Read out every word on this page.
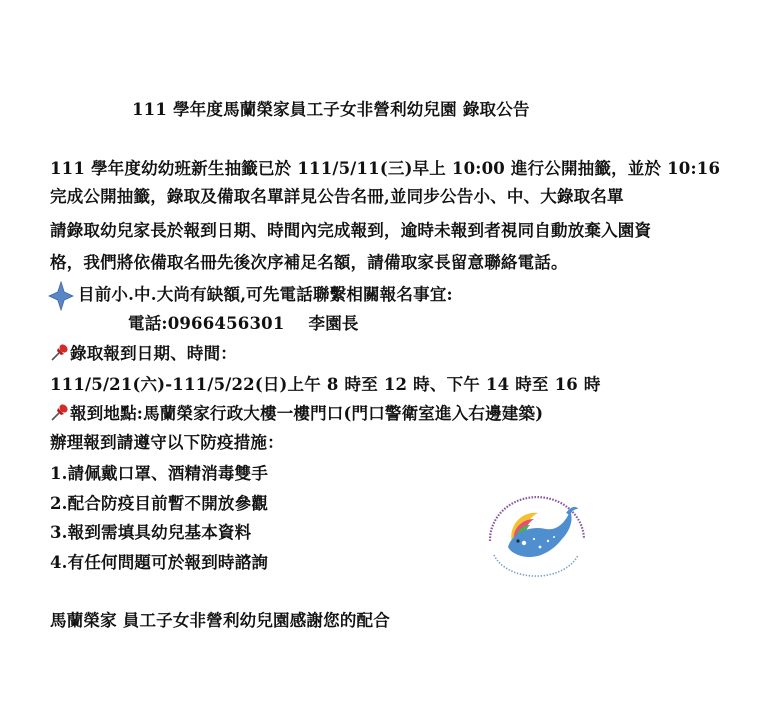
111 學年度馬蘭榮家員工子女非營利幼兒園 錄取公告
111 學年度幼幼班新生抽籤已於 111/5/11(三)早上 10:00 進行公開抽籤，並於 10:16
完成公開抽籤，錄取及備取名單詳見公告名冊,並同步公告小、中、大錄取名單
請錄取幼兒家長於報到日期、時間內完成報到，逾時未報到者視同自動放棄入園資
格，我們將依備取名冊先後次序補足名額，請備取家長留意聯絡電話。
目前小.中.大尚有缺額,可先電話聯繫相關報名事宜:
電話:0966456301 李園長
錄取報到日期、時間：
111/5/21(六)-111/5/22(日)上午 8 時至 12 時、下午 14 時至 16 時
報到地點:馬蘭榮家行政大樓一樓門口(門口警衛室進入右邊建築)
辦理報到請遵守以下防疫措施：
1.請佩戴口罩、酒精消毒雙手
2.配合防疫目前暫不開放參觀
3.報到需填具幼兒基本資料
4.有任何問題可於報到時諮詢
馬蘭榮家 員工子女非營利幼兒園感謝您的配合
